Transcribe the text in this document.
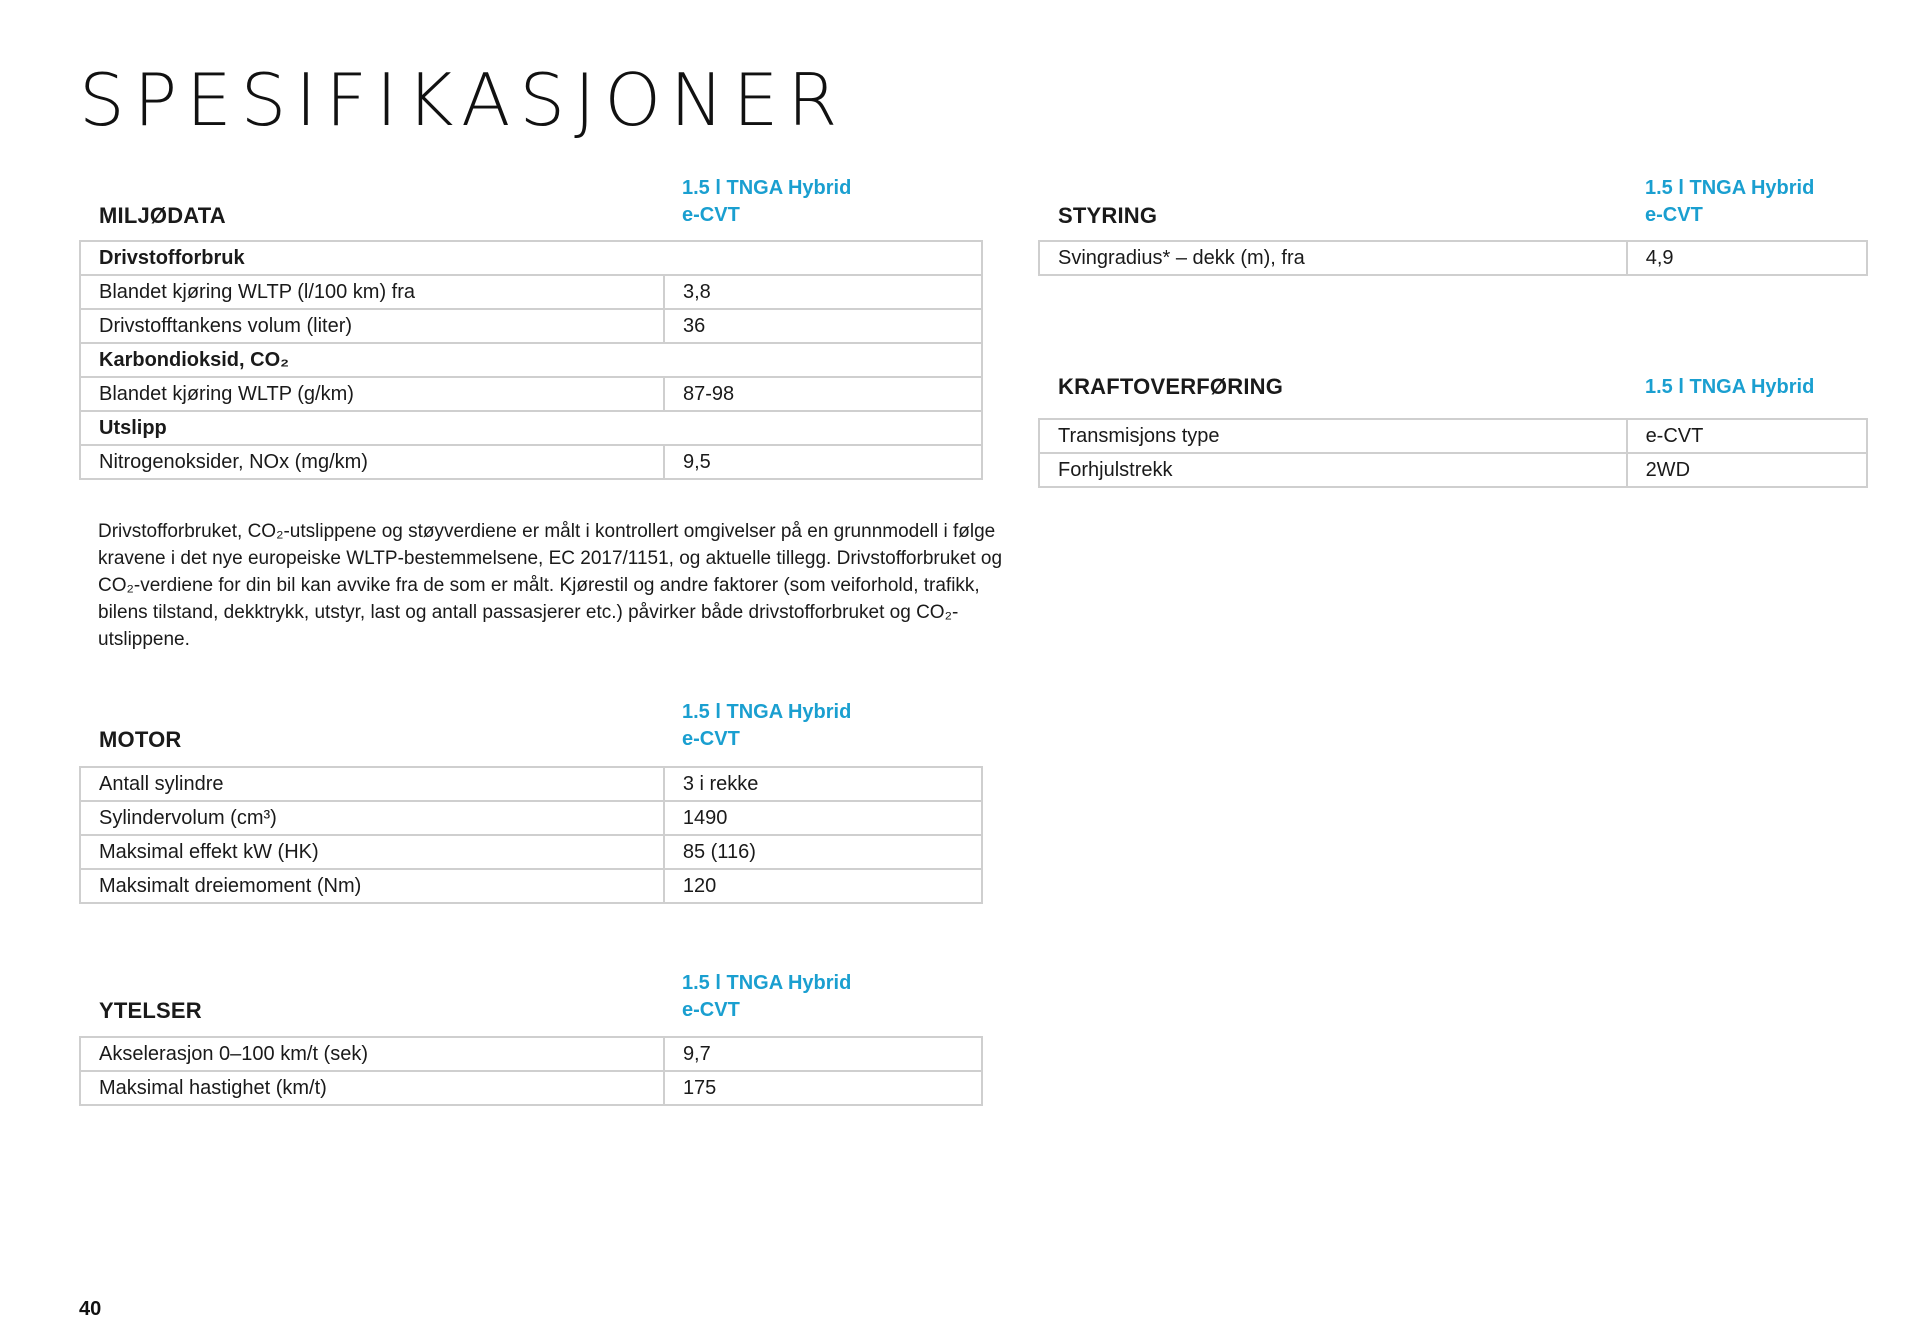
SPESIFIKASJONER
MILJØDATA
1.5 l TNGA Hybrid
e-CVT
Drivstofforbruk	
Blandet kjøring WLTP (l/100 km) fra	3,8
Drivstofftankens volum (liter)	36
Karbondioksid, CO₂	
Blandet kjøring WLTP (g/km)	87-98
Utslipp	
Nitrogenoksider, NOx (mg/km)	9,5

Drivstofforbruket, CO₂-utslippene og støyverdiene er målt i kontrollert omgivelser på en grunnmodell i følge kravene i det nye europeiske WLTP-bestemmelsene, EC 2017/1151, og aktuelle tillegg. Drivstofforbruket og CO₂-verdiene for din bil kan avvike fra de som er målt. Kjørestil og andre faktorer (som veiforhold, trafikk, bilens tilstand, dekktrykk, utstyr, last og antall passasjerer etc.) påvirker både drivstofforbruket og CO₂-utslippene.

MOTOR
1.5 l TNGA Hybrid
e-CVT
Antall sylindre	3 i rekke
Sylindervolum (cm³)	1490
Maksimal effekt kW (HK)	85 (116)
Maksimalt dreiemoment (Nm)	120
YTELSER
1.5 l TNGA Hybrid
e-CVT
Akselerasjon 0–100 km/t (sek)	9,7
Maksimal hastighet (km/t)	175
STYRING
1.5 l TNGA Hybrid
e-CVT
Svingradius* – dekk (m), fra	4,9
KRAFTOVERFØRING	1.5 l TNGA Hybrid
Transmisjons type	e-CVT
Forhjulstrekk	2WD
40
